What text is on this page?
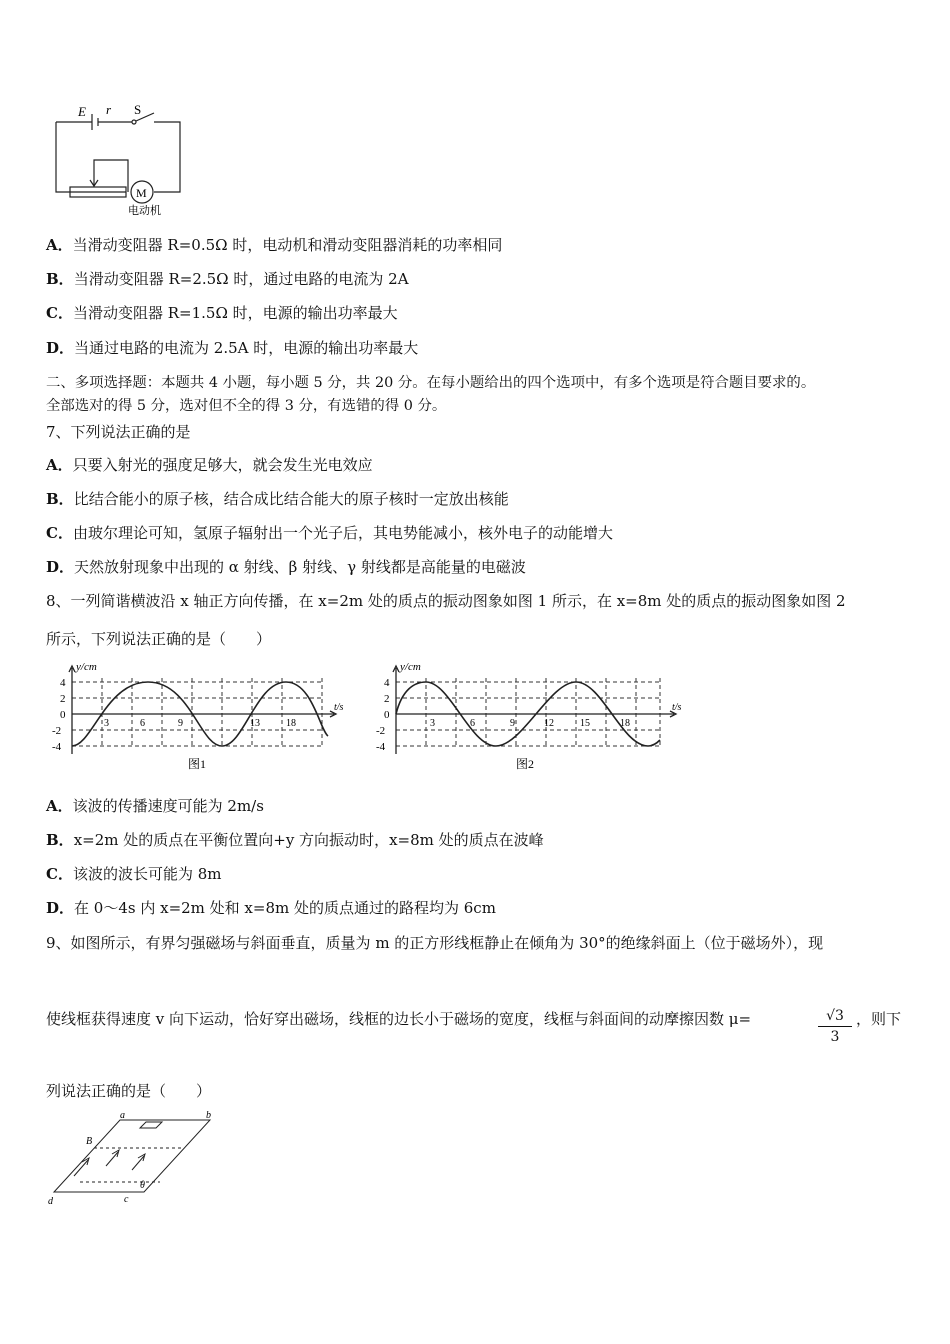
E r S
M
电动机
A．当滑动变阻器 R=0.5Ω 时，电动机和滑动变阻器消耗的功率相同
B．当滑动变阻器 R=2.5Ω 时，通过电路的电流为 2A
C．当滑动变阻器 R=1.5Ω 时，电源的输出功率最大
D．当通过电路的电流为 2.5A 时，电源的输出功率最大
二、多项选择题：本题共 4 小题，每小题 5 分，共 20 分。在每小题给出的四个选项中，有多个选项是符合题目要求的。
全部选对的得 5 分，选对但不全的得 3 分，有选错的得 0 分。
7、下列说法正确的是
A．只要入射光的强度足够大，就会发生光电效应
B．比结合能小的原子核，结合成比结合能大的原子核时一定放出核能
C．由玻尔理论可知，氢原子辐射出一个光子后，其电势能减小，核外电子的动能增大
D．天然放射现象中出现的 α 射线、β 射线、γ 射线都是高能量的电磁波
8、一列简谐横波沿 x 轴正方向传播，在 x=2m 处的质点的振动图象如图 1 所示，在 x=8m 处的质点的振动图象如图 2
所示，下列说法正确的是（　　）
y/cm
t/s
4
2
0
-2
-4
3	6	9	13	18
图1
y/cm
t/s
4
2
0
-2
-4
3	6	9	12	15	18
图2
A．该波的传播速度可能为 2m/s
B．x=2m 处的质点在平衡位置向+y 方向振动时，x=8m 处的质点在波峰
C．该波的波长可能为 8m
D．在 0～4s 内 x=2m 处和 x=8m 处的质点通过的路程均为 6cm
9、如图所示，有界匀强磁场与斜面垂直，质量为 m 的正方形线框静止在倾角为 30°的绝缘斜面上（位于磁场外），现
使线框获得速度 v 向下运动，恰好穿出磁场，线框的边长小于磁场的宽度，线框与斜面间的动摩擦因数 μ=	$\frac{√3}{3}$ ，则下
列说法正确的是（　　）
a	b
B
θ
d	c
